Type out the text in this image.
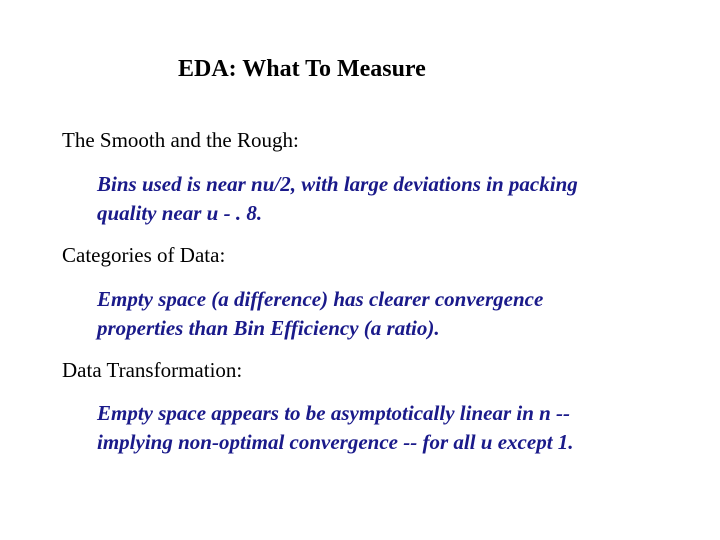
EDA: What To Measure
The Smooth and the Rough:
Bins used is near nu/2, with large deviations in packing
quality near u - . 8.
Categories of Data:
Empty space (a difference) has clearer convergence
properties than Bin Efficiency (a ratio).
Data Transformation:
Empty space appears to be asymptotically linear in n --
implying non-optimal convergence -- for all u except 1.
